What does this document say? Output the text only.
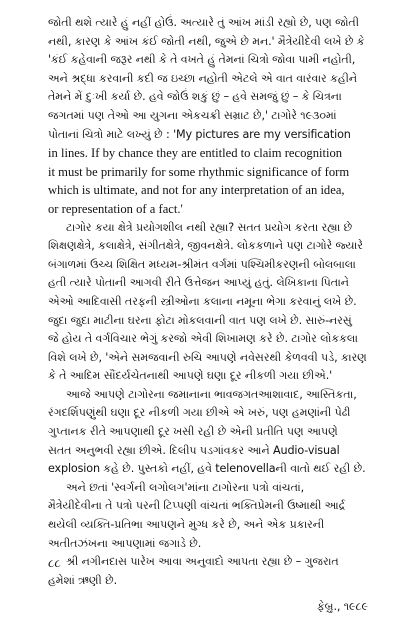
જોતી થશે ત્યારે હું નહીં હોઉં. અત્યારે તું આંખ માંડી રહ્યો છે, પણ જોતી
નથી, કારણ કે આંખ કંઈ જોતી નથી, જુએ છે મન.' મૈત્રેયીદેવી લખે છે કે
'કંઈ કહેવાની જરૂર નથી કે તે વખતે હું તેમનાં ચિત્રો જોવા પામી નહોતી,
અને શ્રદ્ધા કરવાની કદી જ ઇચ્છા નહોતી એટલે એ વાત વારંવાર કહીને
તેમને મેં દુઃખી કર્યા છે. હવે જોઉં શકું છું – હવે સમજું છું – કે ચિત્રના
જગતમાં પણ તેઓ આ યુગના એકચક્રી સમ્રાટ છે,' ટાગોરે ૧૯૩૦માં
પોતાનાં ચિત્રો માટે લખ્યું છે : 'My pictures are my versification
in lines. If by chance they are entitled to claim recognition
it must be primarily for some rhythmic significance of form
which is ultimate, and not for any interpretation of an idea,
or representation of a fact.'
ટાગોર કયા ક્ષેત્રે પ્રયોગશીલ નથી રહ્યા? સતત પ્રયોગ કરતા રહ્યા છે
શિક્ષણક્ષેત્રે, કલાક્ષેત્રે, સંગીતક્ષેત્રે, જીવનક્ષેત્રે. લોકકળાને પણ ટાગોરે જ્યારે
બંગાળમાં ઉચ્ચ શિક્ષિત મધ્યમ-શ્રીમંત વર્ગમાં પશ્ચિમીકરણની બોલબાલા
હતી ત્યારે પોતાની આગવી રીતે ઉત્તેજન આપ્યું હતું. લેખિકાના પિતાને
એઓ આદિવાસી તરફની સ્ત્રીઓના કલાના નમૂના ભેગા કરવાનું લખે છે.
જુદા જુદા માટીના ઘરના ફોટા મોકલવાની વાત પણ લખે છે. સારું-નરસું
જે હોય તે વર્ગવિચાર ભેગું કરજો એવી શિખામણ કરે છે. ટાગોર લોકકલા
વિશે લખે છે, 'એને સમજવાની રુચિ આપણે નવેસરથી કેળવવી પડે, કારણ
કે તે આદિમ સૌંદર્યચેતનાથી આપણે ઘણા દૂર નીકળી ગયા છીએ.'
આજે આપણે ટાગોરના જમાનાના ભાવજગતઆશાવાદ, આસ્તિકતા,
રંગદર્શિપણુંથી ઘણા દૂર નીકળી ગયા છીએ એ ખરું, પણ હમણાંની પેઢી
ગુપ્તાનક રીતે આપણાથી દૂર ખસી રહી છે એની પ્રતીતિ પણ આપણે
સતત અનુભવી રહ્યા છીએ. દિલીપ પડગાંવકર આને Audio-visual
explosion કહે છે. પુસ્તકો નહીં, હવે telenovellaની વાતો થઈ રહી છે.
અને છતાં 'સ્વર્ગની લગોલગ'માંના ટાગોરના પત્રો વાંચતાં,
મૈત્રેયીદેવીના તે પત્રો પરની ટિપ્પણી વાંચતાં ભક્તિપ્રેમની ઉષ્માથી આર્દ્ર
થયેલી વ્યક્તિ-પ્રતિભા આપણને મુગ્ધ કરે છે, અને એક પ્રકારની
અતીતઝંખના આપણામાં જગાડે છે.
શ્રી નગીનદાસ પારેખ આવા અનુવાદો આપતા રહ્યા છે – ગુજરાત
હમેશાં ઋણી છે.
ફેબ્રુ., ૧૯૮૯
૮૮
